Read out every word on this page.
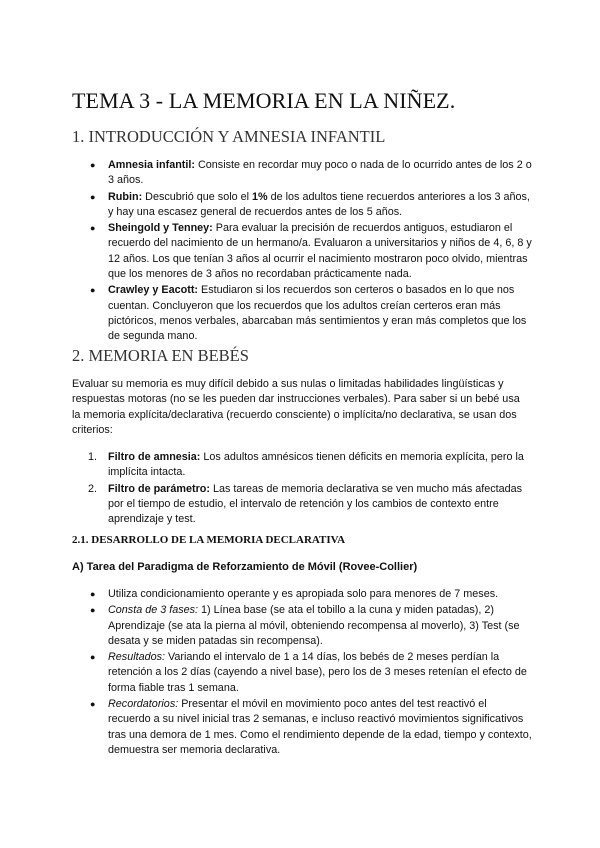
TEMA 3 - LA MEMORIA EN LA NIÑEZ.
1. INTRODUCCIÓN Y AMNESIA INFANTIL
● Amnesia infantil: Consiste en recordar muy poco o nada de lo ocurrido antes de los 2 o 3 años.
● Rubin: Descubrió que solo el 1% de los adultos tiene recuerdos anteriores a los 3 años, y hay una escasez general de recuerdos antes de los 5 años.
● Sheingold y Tenney: Para evaluar la precisión de recuerdos antiguos, estudiaron el recuerdo del nacimiento de un hermano/a. Evaluaron a universitarios y niños de 4, 6, 8 y 12 años. Los que tenían 3 años al ocurrir el nacimiento mostraron poco olvido, mientras que los menores de 3 años no recordaban prácticamente nada.
● Crawley y Eacott: Estudiaron si los recuerdos son certeros o basados en lo que nos cuentan. Concluyeron que los recuerdos que los adultos creían certeros eran más pictóricos, menos verbales, abarcaban más sentimientos y eran más completos que los de segunda mano.
2. MEMORIA EN BEBÉS

Evaluar su memoria es muy difícil debido a sus nulas o limitadas habilidades lingüísticas y respuestas motoras (no se les pueden dar instrucciones verbales). Para saber si un bebé usa la memoria explícita/declarativa (recuerdo consciente) o implícita/no declarativa, se usan dos criterios:

1. Filtro de amnesia: Los adultos amnésicos tienen déficits en memoria explícita, pero la implícita intacta.
2. Filtro de parámetro: Las tareas de memoria declarativa se ven mucho más afectadas por el tiempo de estudio, el intervalo de retención y los cambios de contexto entre aprendizaje y test.
2.1. DESARROLLO DE LA MEMORIA DECLARATIVA
A) Tarea del Paradigma de Reforzamiento de Móvil (Rovee-Collier)
● Utiliza condicionamiento operante y es apropiada solo para menores de 7 meses.
● Consta de 3 fases: 1) Línea base (se ata el tobillo a la cuna y miden patadas), 2) Aprendizaje (se ata la pierna al móvil, obteniendo recompensa al moverlo), 3) Test (se desata y se miden patadas sin recompensa).
● Resultados: Variando el intervalo de 1 a 14 días, los bebés de 2 meses perdían la retención a los 2 días (cayendo a nivel base), pero los de 3 meses retenían el efecto de forma fiable tras 1 semana.
● Recordatorios: Presentar el móvil en movimiento poco antes del test reactivó el recuerdo a su nivel inicial tras 2 semanas, e incluso reactivó movimientos significativos tras una demora de 1 mes. Como el rendimiento depende de la edad, tiempo y contexto, demuestra ser memoria declarativa.
